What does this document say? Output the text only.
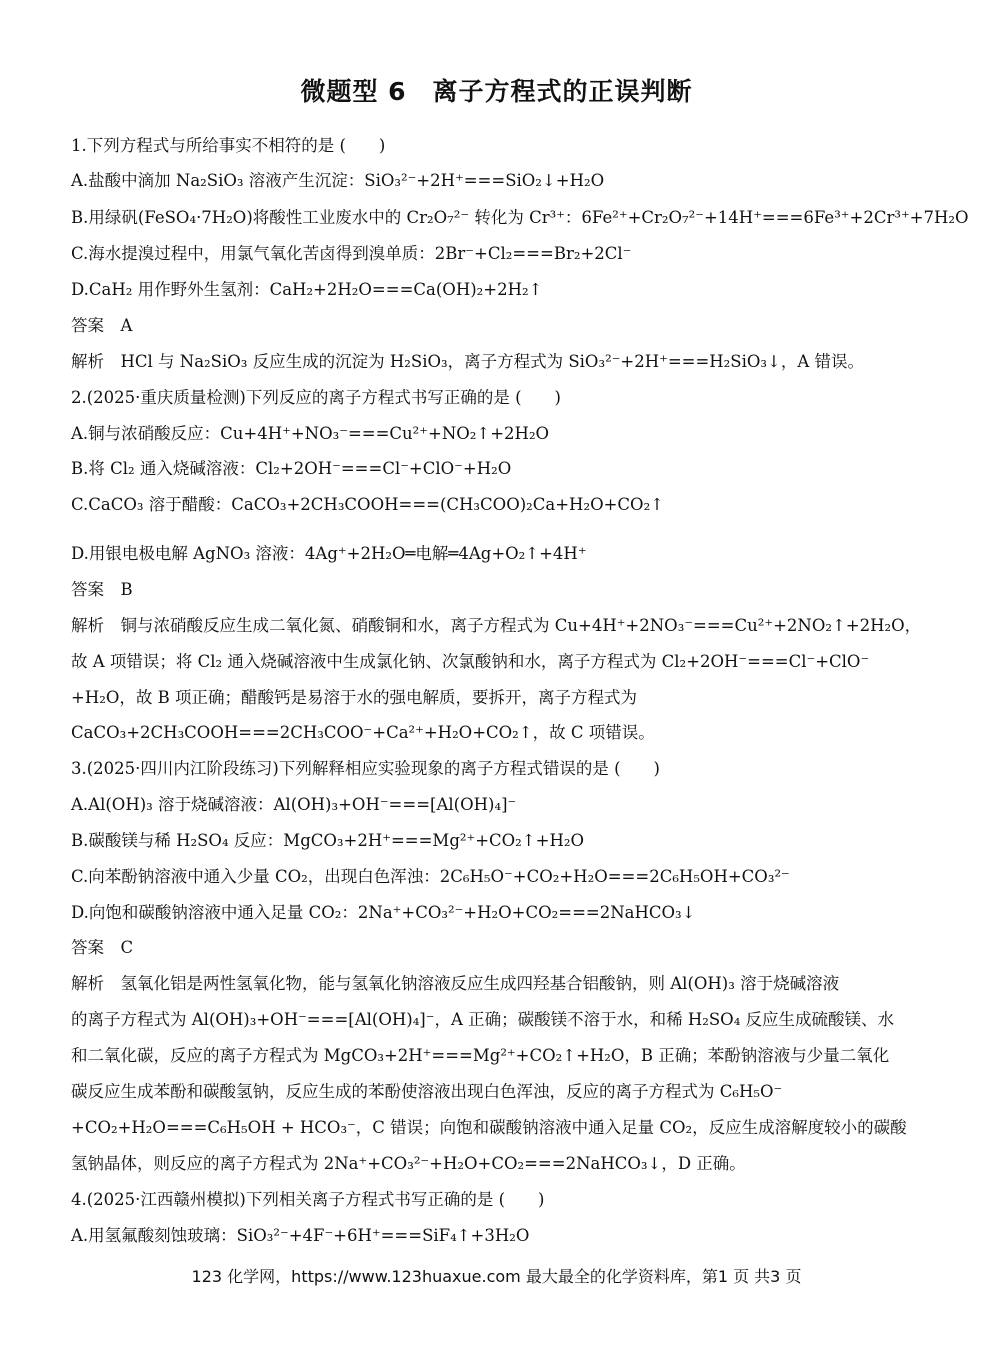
微题型 6　离子方程式的正误判断
1.下列方程式与所给事实不相符的是 (　　)
A.盐酸中滴加 Na₂SiO₃ 溶液产生沉淀：SiO₃²⁻+2H⁺===SiO₂↓+H₂O
B.用绿矾(FeSO₄·7H₂O)将酸性工业废水中的 Cr₂O₇²⁻ 转化为 Cr³⁺：6Fe²⁺+Cr₂O₇²⁻+14H⁺===6Fe³⁺+2Cr³⁺+7H₂O
C.海水提溴过程中，用氯气氧化苦卤得到溴单质：2Br⁻+Cl₂===Br₂+2Cl⁻
D.CaH₂ 用作野外生氢剂：CaH₂+2H₂O===Ca(OH)₂+2H₂↑
答案　A
解析　HCl 与 Na₂SiO₃ 反应生成的沉淀为 H₂SiO₃，离子方程式为 SiO₃²⁻+2H⁺===H₂SiO₃↓，A 错误。
2.(2025·重庆质量检测)下列反应的离子方程式书写正确的是 (　　)
A.铜与浓硝酸反应：Cu+4H⁺+NO₃⁻===Cu²⁺+NO₂↑+2H₂O
B.将 Cl₂ 通入烧碱溶液：Cl₂+2OH⁻===Cl⁻+ClO⁻+H₂O
C.CaCO₃ 溶于醋酸：CaCO₃+2CH₃COOH===(CH₃COO)₂Ca+H₂O+CO₂↑
D.用银电极电解 AgNO₃ 溶液：4Ag⁺+2H₂O═电解═4Ag+O₂↑+4H⁺
答案　B
解析　铜与浓硝酸反应生成二氧化氮、硝酸铜和水，离子方程式为 Cu+4H⁺+2NO₃⁻===Cu²⁺+2NO₂↑+2H₂O，
故 A 项错误；将 Cl₂ 通入烧碱溶液中生成氯化钠、次氯酸钠和水，离子方程式为 Cl₂+2OH⁻===Cl⁻+ClO⁻
+H₂O，故 B 项正确；醋酸钙是易溶于水的强电解质，要拆开，离子方程式为
CaCO₃+2CH₃COOH===2CH₃COO⁻+Ca²⁺+H₂O+CO₂↑，故 C 项错误。
3.(2025·四川内江阶段练习)下列解释相应实验现象的离子方程式错误的是 (　　)
A.Al(OH)₃ 溶于烧碱溶液：Al(OH)₃+OH⁻===[Al(OH)₄]⁻
B.碳酸镁与稀 H₂SO₄ 反应：MgCO₃+2H⁺===Mg²⁺+CO₂↑+H₂O
C.向苯酚钠溶液中通入少量 CO₂，出现白色浑浊：2C₆H₅O⁻+CO₂+H₂O===2C₆H₅OH+CO₃²⁻
D.向饱和碳酸钠溶液中通入足量 CO₂：2Na⁺+CO₃²⁻+H₂O+CO₂===2NaHCO₃↓
答案　C
解析　氢氧化铝是两性氢氧化物，能与氢氧化钠溶液反应生成四羟基合铝酸钠，则 Al(OH)₃ 溶于烧碱溶液
的离子方程式为 Al(OH)₃+OH⁻===[Al(OH)₄]⁻，A 正确；碳酸镁不溶于水，和稀 H₂SO₄ 反应生成硫酸镁、水
和二氧化碳，反应的离子方程式为 MgCO₃+2H⁺===Mg²⁺+CO₂↑+H₂O，B 正确；苯酚钠溶液与少量二氧化
碳反应生成苯酚和碳酸氢钠，反应生成的苯酚使溶液出现白色浑浊，反应的离子方程式为 C₆H₅O⁻
+CO₂+H₂O===C₆H₅OH + HCO₃⁻，C 错误；向饱和碳酸钠溶液中通入足量 CO₂，反应生成溶解度较小的碳酸
氢钠晶体，则反应的离子方程式为 2Na⁺+CO₃²⁻+H₂O+CO₂===2NaHCO₃↓，D 正确。
4.(2025·江西赣州模拟)下列相关离子方程式书写正确的是 (　　)
A.用氢氟酸刻蚀玻璃：SiO₃²⁻+4F⁻+6H⁺===SiF₄↑+3H₂O
123 化学网，https://www.123huaxue.com 最大最全的化学资料库，第1 页 共3 页
